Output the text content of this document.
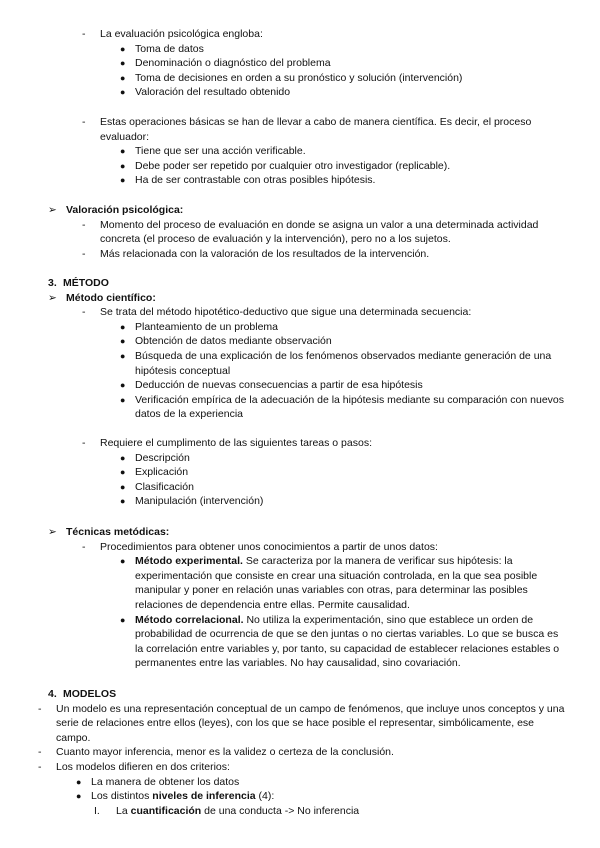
- La evaluación psicológica engloba:
● Toma de datos
● Denominación o diagnóstico del problema
● Toma de decisiones en orden a su pronóstico y solución (intervención)
● Valoración del resultado obtenido
- Estas operaciones básicas se han de llevar a cabo de manera científica. Es decir, el proceso evaluador:
● Tiene que ser una acción verificable.
● Debe poder ser repetido por cualquier otro investigador (replicable).
● Ha de ser contrastable con otras posibles hipótesis.
➢ Valoración psicológica:
- Momento del proceso de evaluación en donde se asigna un valor a una determinada actividad concreta (el proceso de evaluación y la intervención), pero no a los sujetos.
- Más relacionada con la valoración de los resultados de la intervención.
3. MÉTODO
➢ Método científico:
- Se trata del método hipotético-deductivo que sigue una determinada secuencia:
● Planteamiento de un problema
● Obtención de datos mediante observación
● Búsqueda de una explicación de los fenómenos observados mediante generación de una hipótesis conceptual
● Deducción de nuevas consecuencias a partir de esa hipótesis
● Verificación empírica de la adecuación de la hipótesis mediante su comparación con nuevos datos de la experiencia
- Requiere el cumplimento de las siguientes tareas o pasos:
● Descripción
● Explicación
● Clasificación
● Manipulación (intervención)
➢ Técnicas metódicas:
- Procedimientos para obtener unos conocimientos a partir de unos datos:
● Método experimental. Se caracteriza por la manera de verificar sus hipótesis: la experimentación que consiste en crear una situación controlada, en la que sea posible manipular y poner en relación unas variables con otras, para determinar las posibles relaciones de dependencia entre ellas. Permite causalidad.
● Método correlacional. No utiliza la experimentación, sino que establece un orden de probabilidad de ocurrencia de que se den juntas o no ciertas variables. Lo que se busca es la correlación entre variables y, por tanto, su capacidad de establecer relaciones estables o permanentes entre las variables. No hay causalidad, sino covariación.
4. MODELOS
- Un modelo es una representación conceptual de un campo de fenómenos, que incluye unos conceptos y una serie de relaciones entre ellos (leyes), con los que se hace posible el representar, simbólicamente, ese campo.
- Cuanto mayor inferencia, menor es la validez o certeza de la conclusión.
- Los modelos difieren en dos criterios:
● La manera de obtener los datos
● Los distintos niveles de inferencia (4):
I. La cuantificación de una conducta -> No inferencia
